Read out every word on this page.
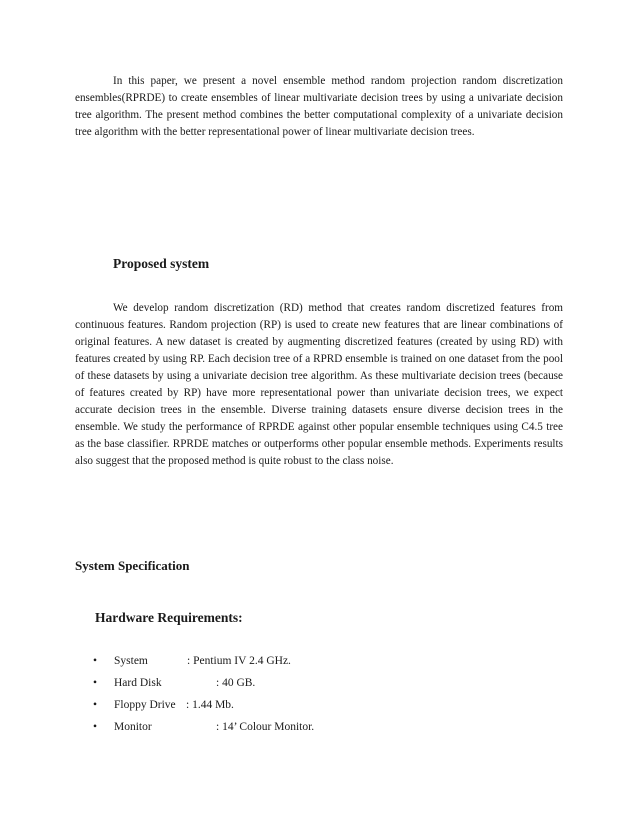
In this paper, we present a novel ensemble method random projection random discretization ensembles(RPRDE) to create ensembles of linear multivariate decision trees by using a univariate decision tree algorithm. The present method combines the better computational complexity of a univariate decision tree algorithm with the better representational power of linear multivariate decision trees.

Proposed system

We develop random discretization (RD) method that creates random discretized features from continuous features. Random projection (RP) is used to create new features that are linear combinations of original features. A new dataset is created by augmenting discretized features (created by using RD) with features created by using RP. Each decision tree of a RPRD ensemble is trained on one dataset from the pool of these datasets by using a univariate decision tree algorithm. As these multivariate decision trees (because of features created by RP) have more representational power than univariate decision trees, we expect accurate decision trees in the ensemble. Diverse training datasets ensure diverse decision trees in the ensemble. We study the performance of RPRDE against other popular ensemble techniques using C4.5 tree as the base classifier. RPRDE matches or outperforms other popular ensemble methods. Experiments results also suggest that the proposed method is quite robust to the class noise.

System Specification
Hardware Requirements:
• System	: Pentium IV 2.4 GHz.
• Hard Disk	: 40 GB.
• Floppy Drive : 1.44 Mb.
• Monitor	: 14’ Colour Monitor.
